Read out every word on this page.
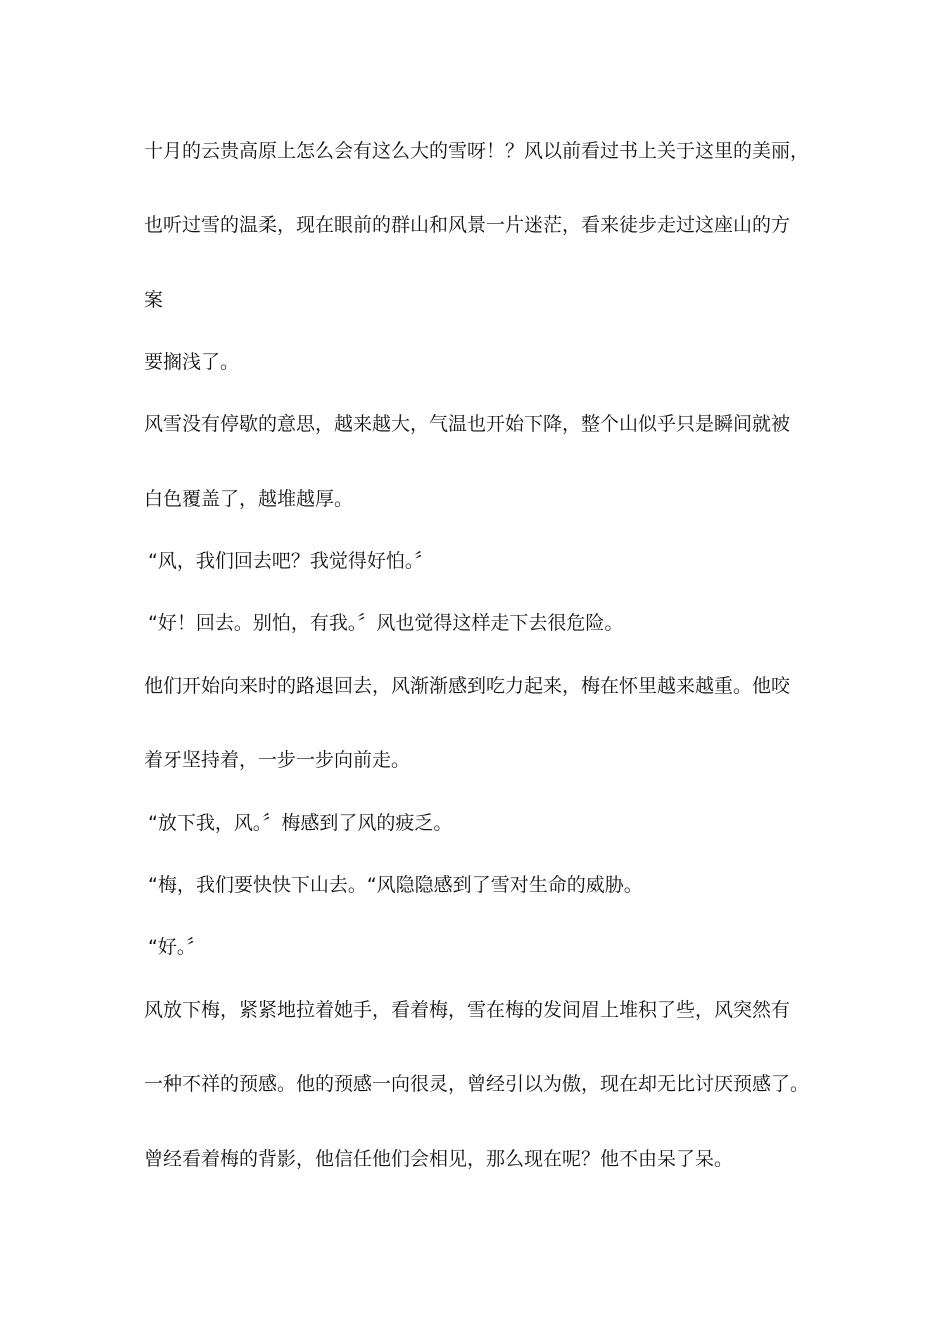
十月的云贵高原上怎么会有这么大的雪呀！？风以前看过书上关于这里的美丽，
也听过雪的温柔，现在眼前的群山和风景一片迷茫，看来徒步走过这座山的方
案
要搁浅了。
风雪没有停歇的意思，越来越大，气温也开始下降，整个山似乎只是瞬间就被
白色覆盖了，越堆越厚。
“风，我们回去吧？我觉得好怕。〞
“好！回去。别怕，有我。〞风也觉得这样走下去很危险。
他们开始向来时的路退回去，风渐渐感到吃力起来，梅在怀里越来越重。他咬
着牙坚持着，一步一步向前走。
“放下我，风。〞梅感到了风的疲乏。
“梅，我们要快快下山去。“风隐隐感到了雪对生命的威胁。
“好。〞
风放下梅，紧紧地拉着她手，看着梅，雪在梅的发间眉上堆积了些，风突然有
一种不祥的预感。他的预感一向很灵，曾经引以为傲，现在却无比讨厌预感了。
曾经看着梅的背影，他信任他们会相见，那么现在呢？他不由呆了呆。
